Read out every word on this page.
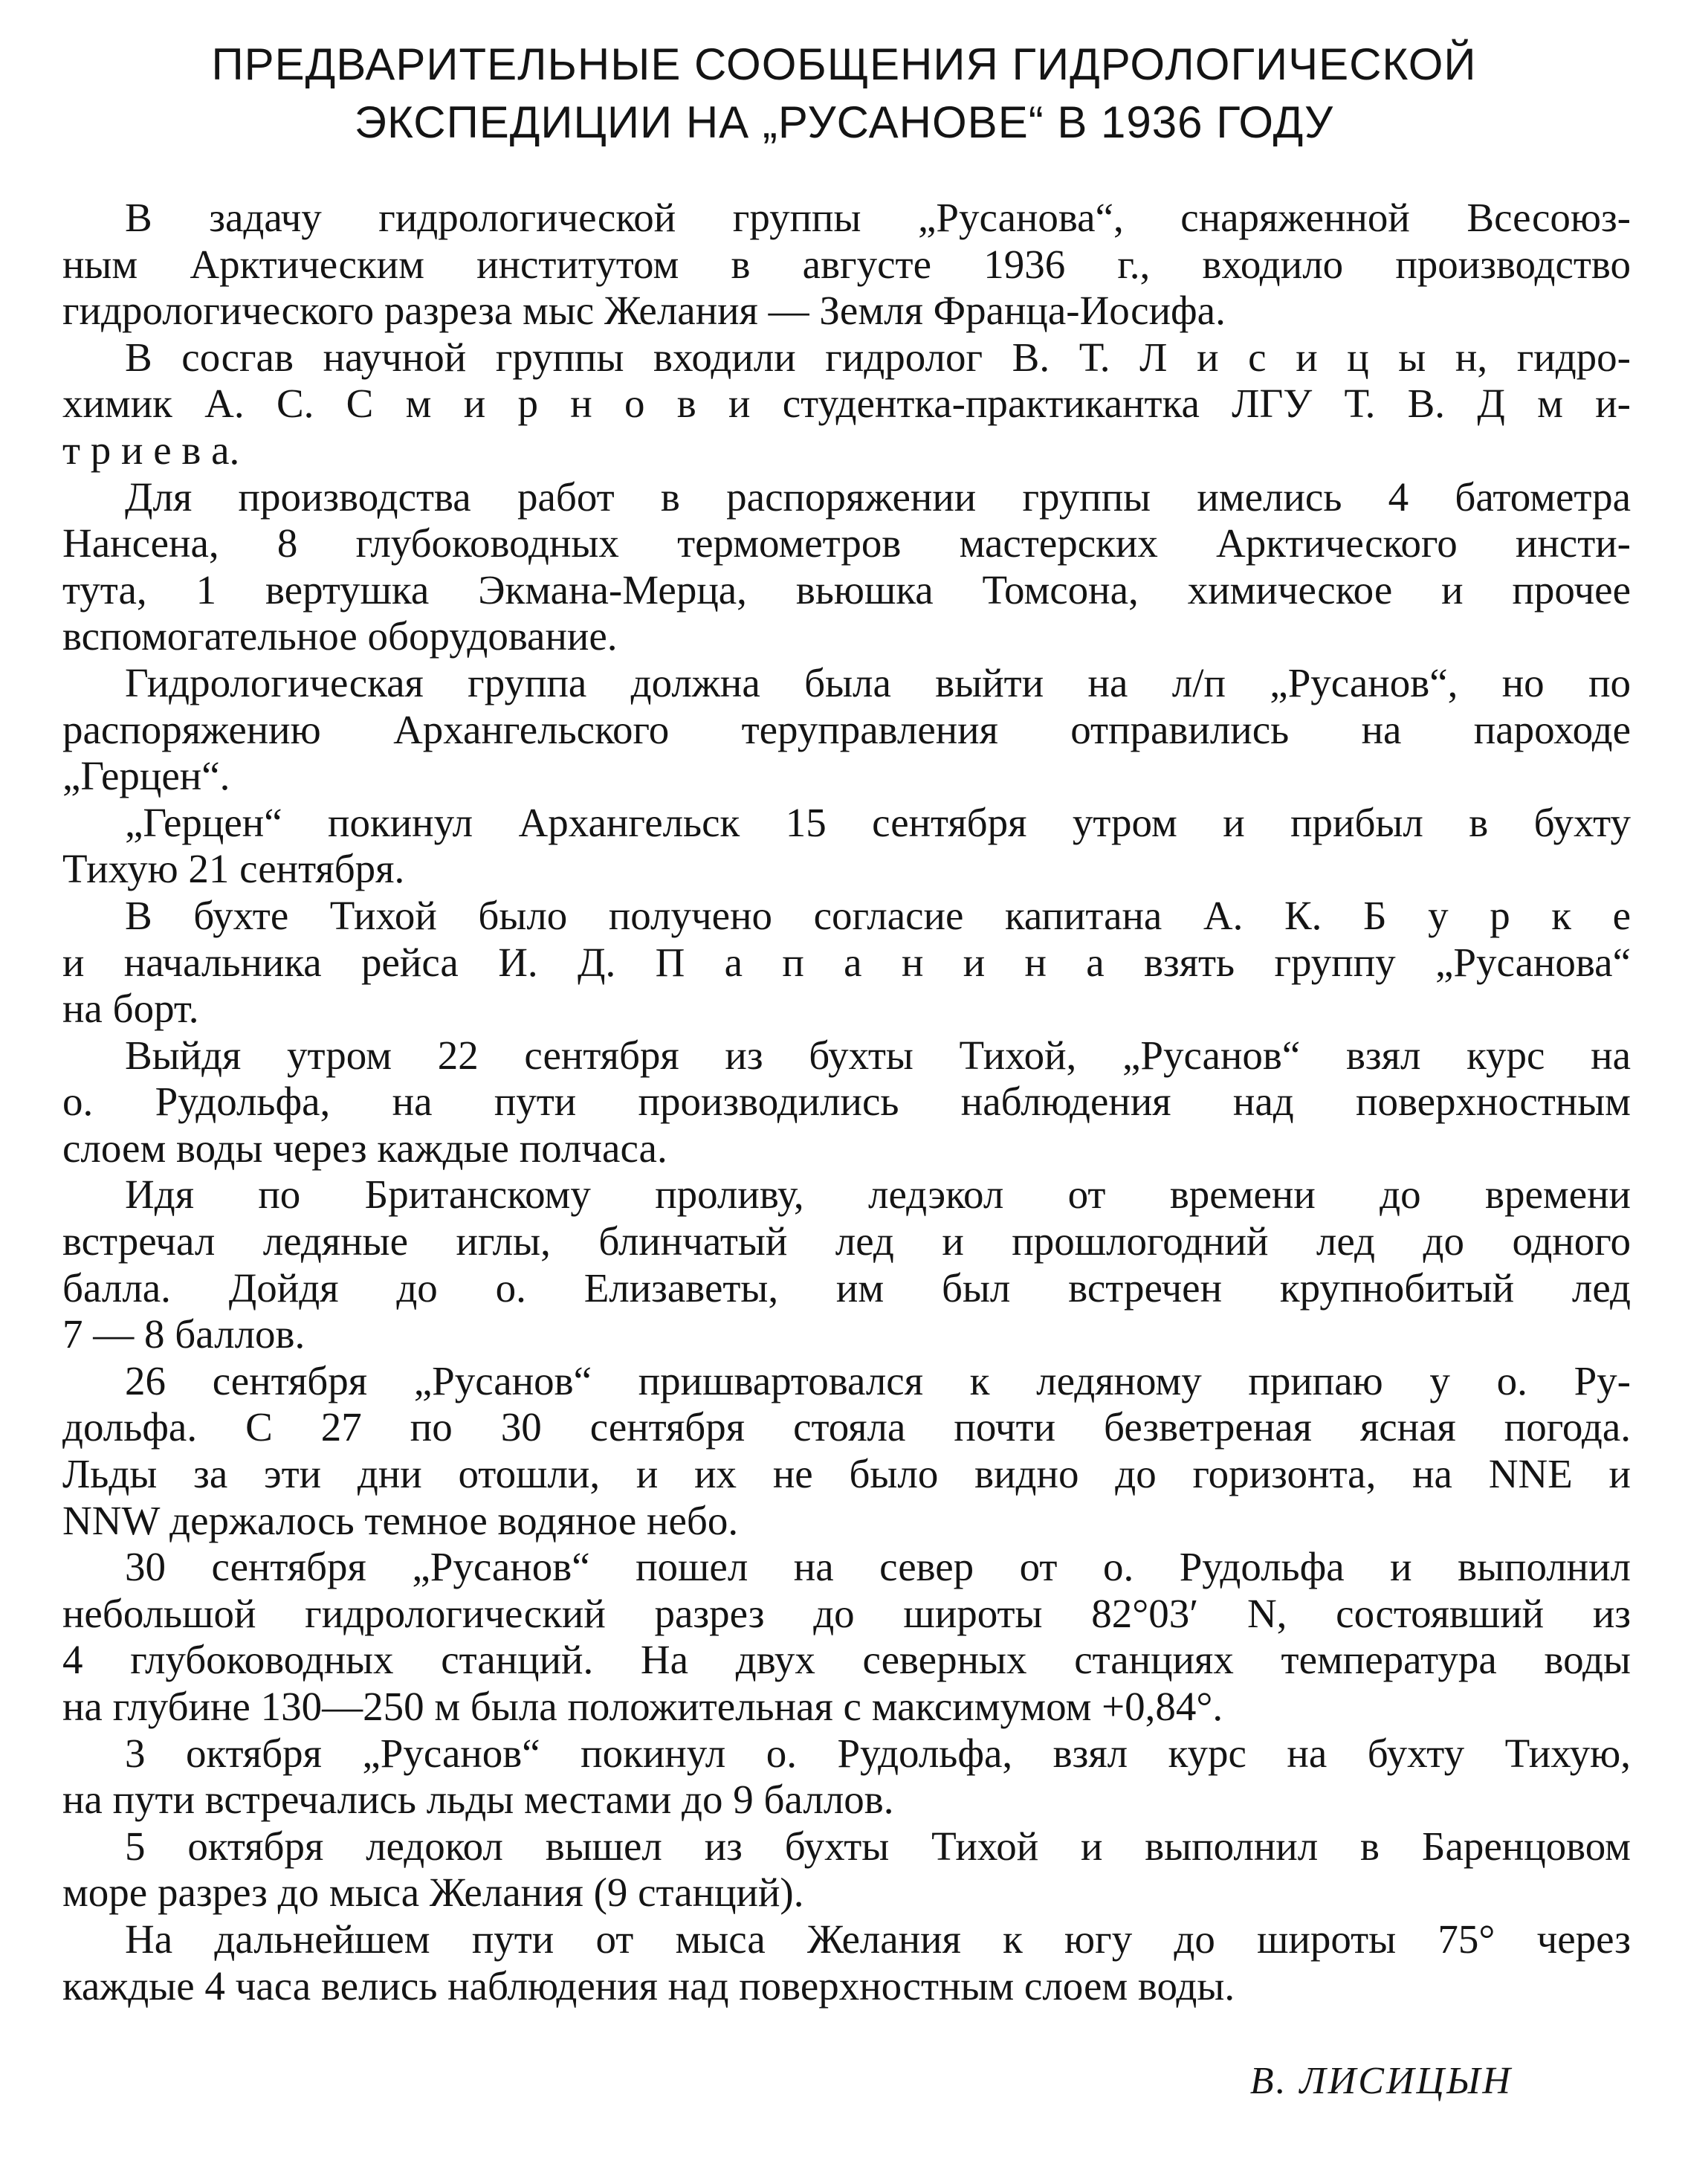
ПРЕДВАРИТЕЛЬНЫЕ СООБЩЕНИЯ ГИДРОЛОГИЧЕСКОЙ
ЭКСПЕДИЦИИ НА „РУСАНОВЕ“ В 1936 ГОДУ
В задачу гидрологической группы „Русанова“, снаряженной Всесоюз-
ным Арктическим институтом в августе 1936 г., входило производство
гидрологического разреза мыс Желания — Земля Франца-Иосифа.
В сосгав научной группы входили гидролог В. Т. Л и с и ц ы н, гидро-
химик А. С. С м и р н о в и студентка-практикантка ЛГУ Т. В. Д м и-
т р и е в а.
Для производства работ в распоряжении группы имелись 4 батометра
Нансена, 8 глубоководных термометров мастерских Арктического инсти-
тута, 1 вертушка Экмана-Мерца, вьюшка Томсона, химическое и прочее
вспомогательное оборудование.
Гидрологическая группа должна была выйти на л/п „Русанов“, но по
распоряжению Архангельского теруправления отправились на пароходе
„Герцен“.
„Герцен“ покинул Архангельск 15 сентября утром и прибыл в бухту
Тихую 21 сентября.
В бухте Тихой было получено согласие капитана А. К. Б у р к е
и начальника рейса И. Д. П а п а н и н а взять группу „Русанова“
на борт.
Выйдя утром 22 сентября из бухты Тихой, „Русанов“ взял курс на
о. Рудольфа, на пути производились наблюдения над поверхностным
слоем воды через каждые полчаса.
Идя по Британскому проливу, ледэкол от времени до времени
встречал ледяные иглы, блинчатый лед и прошлогодний лед до одного
балла. Дойдя до о. Елизаветы, им был встречен крупнобитый лед
7 — 8 баллов.
26 сентября „Русанов“ пришвартовался к ледяному припаю у о. Ру-
дольфа. С 27 по 30 сентября стояла почти безветреная ясная погода.
Льды за эти дни отошли, и их не было видно до горизонта, на NNE и
NNW держалось темное водяное небо.
30 сентября „Русанов“ пошел на север от о. Рудольфа и выполнил
небольшой гидрологический разрез до широты 82°03′ N, состоявший из
4 глубоководных станций. На двух северных станциях температура воды
на глубине 130—250 м была положительная с максимумом +0,84°.
3 октября „Русанов“ покинул о. Рудольфа, взял курс на бухту Тихую,
на пути встречались льды местами до 9 баллов.
5 октября ледокол вышел из бухты Тихой и выполнил в Баренцовом
море разрез до мыса Желания (9 станций).
На дальнейшем пути от мыса Желания к югу до широты 75° через
каждые 4 часа велись наблюдения над поверхностным слоем воды.
В. ЛИСИЦЫН
